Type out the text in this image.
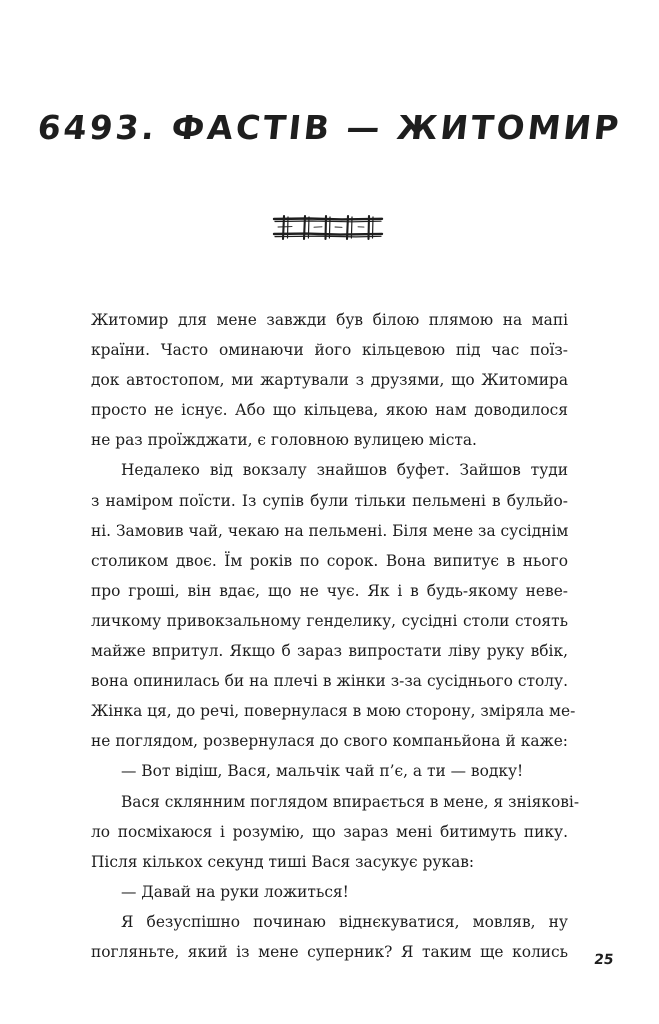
6493. ФАСТІВ — ЖИТОМИР
Житомир для мене завжди був білою плямою на мапі
країни. Часто оминаючи його кільцевою під час поїз-
док автостопом, ми жартували з друзями, що Житомира
просто не існує. Або що кільцева, якою нам доводилося
не раз проїжджати, є головною вулицею міста.
Недалеко від вокзалу знайшов буфет. Зайшов туди
з наміром поїсти. Із супів були тільки пельмені в бульйо-
ні. Замовив чай, чекаю на пельмені. Біля мене за сусіднім
столиком двоє. Їм років по сорок. Вона випитує в нього
про гроші, він вдає, що не чує. Як і в будь-якому неве-
личкому привокзальному генделику, сусідні столи стоять
майже впритул. Якщо б зараз випростати ліву руку вбік,
вона опинилась би на плечі в жінки з-за сусіднього столу.
Жінка ця, до речі, повернулася в мою сторону, зміряла ме-
не поглядом, розвернулася до свого компаньйона й каже:
— Вот відіш, Вася, мальчік чай п’є, а ти — водку!
Вася склянним поглядом впирається в мене, я зніякові-
ло посміхаюся і розумію, що зараз мені битимуть пику.
Після кількох секунд тиші Вася засукує рукав:
— Давай на руки ложиться!
Я безуспішно починаю віднєкуватися, мовляв, ну
погляньте, який із мене суперник? Я таким ще колись 25
